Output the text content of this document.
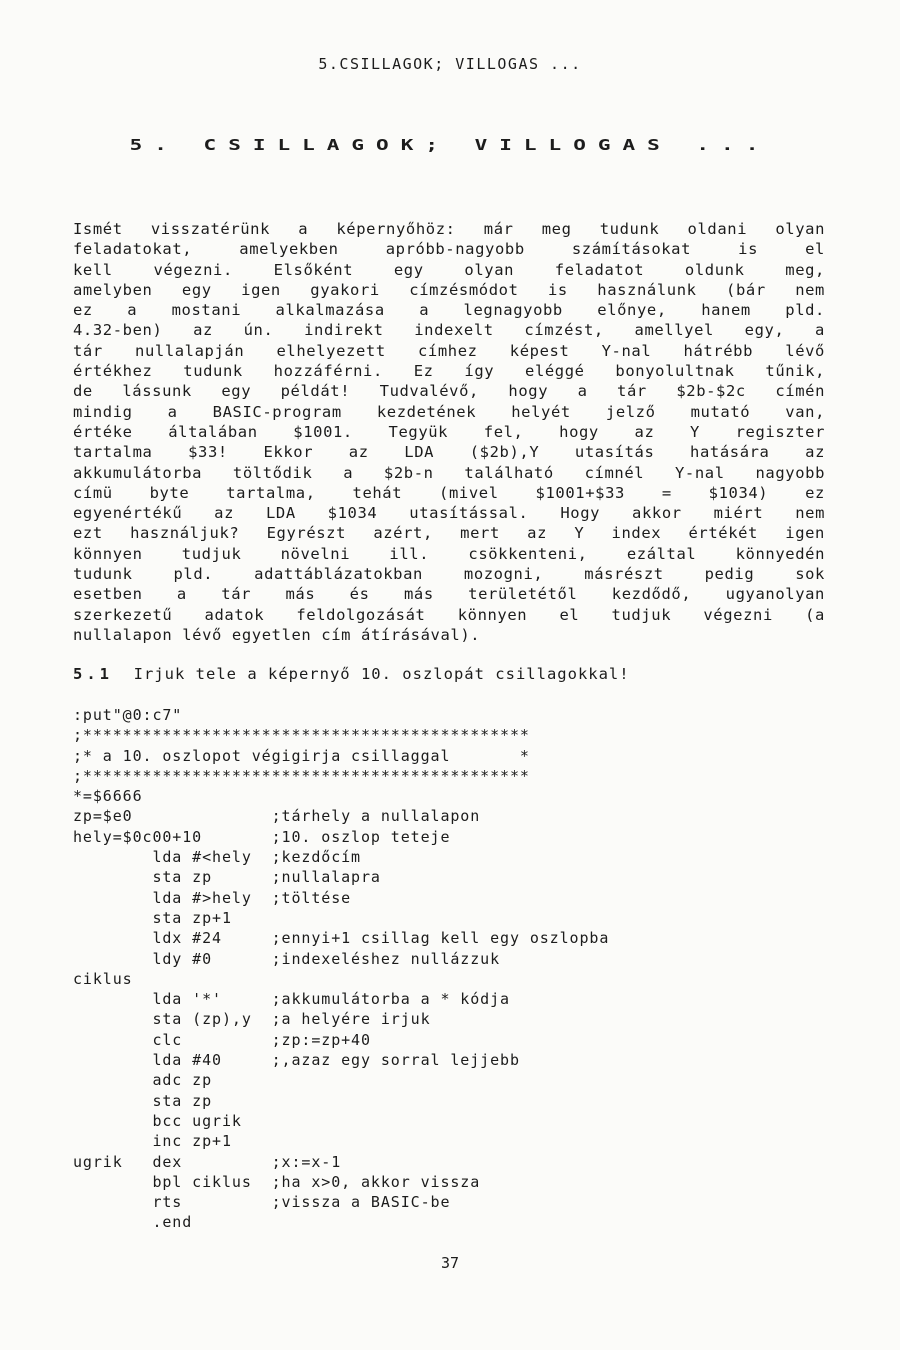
5.CSILLAGOK; VILLOGAS ...
5. CSILLAGOK; VILLOGAS ...
Ismét visszatérünk a képernyőhöz: már meg tudunk oldani olyan
feladatokat, amelyekben apróbb-nagyobb számításokat is el
kell végezni. Elsőként egy olyan feladatot oldunk meg,
amelyben egy igen gyakori címzésmódot is használunk (bár nem
ez a mostani alkalmazása a legnagyobb előnye, hanem pld.
4.32-ben) az ún. indirekt indexelt címzést, amellyel egy, a
tár nullalapján elhelyezett címhez képest Y-nal hátrébb lévő
értékhez tudunk hozzáférni. Ez így eléggé bonyolultnak tűnik,
de lássunk egy példát! Tudvalévő, hogy a tár $2b-$2c címén
mindig a BASIC-program kezdetének helyét jelző mutató van,
értéke általában $1001. Tegyük fel, hogy az Y regiszter
tartalma $33! Ekkor az LDA ($2b),Y utasítás hatására az
akkumulátorba töltődik a $2b-n található címnél Y-nal nagyobb
címü byte tartalma, tehát (mivel $1001+$33 = $1034) ez
egyenértékű az LDA $1034 utasítással. Hogy akkor miért nem
ezt használjuk? Egyrészt azért, mert az Y index értékét igen
könnyen tudjuk növelni ill. csökkenteni, ezáltal könnyedén
tudunk pld. adattáblázatokban mozogni, másrészt pedig sok
esetben a tár más és más területétől kezdődő, ugyanolyan
szerkezetű adatok feldolgozását könnyen el tudjuk végezni (a
nullalapon lévő egyetlen cím átírásával).
5.1 Irjuk tele a képernyő 10. oszlopát csillagokkal!
:put"@0:c7"
;*********************************************
;* a 10. oszlopot végigirja csillaggal       *
;*********************************************
*=$6666
zp=$e0              ;tárhely a nullalapon
hely=$0c00+10       ;10. oszlop teteje
lda #<hely  ;kezdőcím
sta zp      ;nullalapra
lda #>hely  ;töltése
sta zp+1
ldx #24     ;ennyi+1 csillag kell egy oszlopba
ldy #0      ;indexeléshez nullázzuk
ciklus
lda '*'     ;akkumulátorba a * kódja
sta (zp),y  ;a helyére irjuk
clc         ;zp:=zp+40
lda #40     ;,azaz egy sorral lejjebb
adc zp
sta zp
bcc ugrik
inc zp+1
ugrik   dex         ;x:=x-1
bpl ciklus  ;ha x>0, akkor vissza
rts         ;vissza a BASIC-be
.end
37
